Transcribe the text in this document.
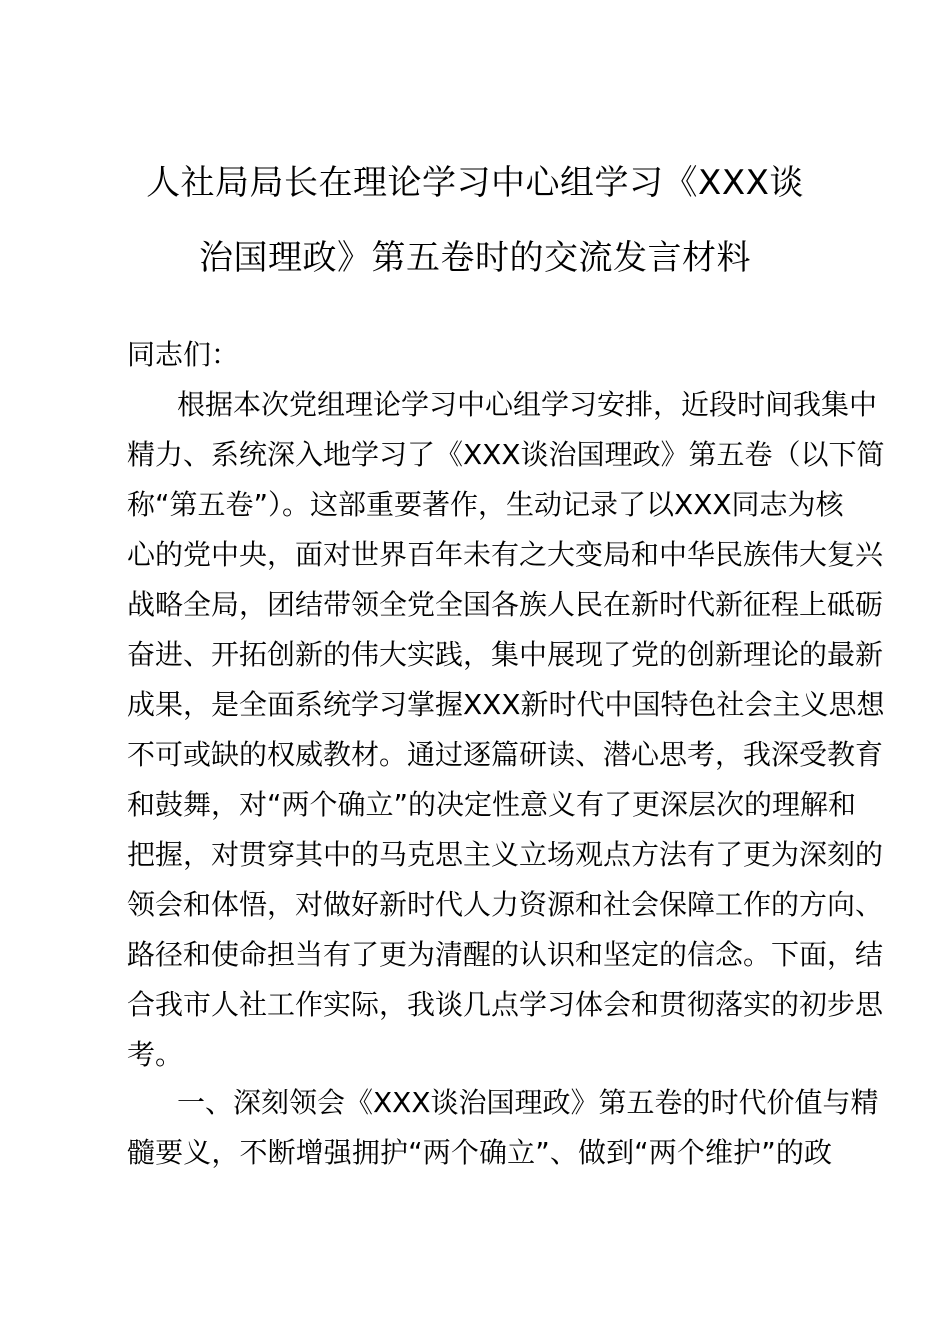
人社局局长在理论学习中心组学习《XXX谈
治国理政》第五卷时的交流发言材料
同志们：
根据本次党组理论学习中心组学习安排，近段时间我集中
精力、系统深入地学习了《XXX谈治国理政》第五卷（以下简
称“第五卷”）。这部重要著作，生动记录了以XXX同志为核
心的党中央，面对世界百年未有之大变局和中华民族伟大复兴
战略全局，团结带领全党全国各族人民在新时代新征程上砥砺
奋进、开拓创新的伟大实践，集中展现了党的创新理论的最新
成果，是全面系统学习掌握XXX新时代中国特色社会主义思想
不可或缺的权威教材。通过逐篇研读、潜心思考，我深受教育
和鼓舞，对“两个确立”的决定性意义有了更深层次的理解和
把握，对贯穿其中的马克思主义立场观点方法有了更为深刻的
领会和体悟，对做好新时代人力资源和社会保障工作的方向、
路径和使命担当有了更为清醒的认识和坚定的信念。下面，结
合我市人社工作实际，我谈几点学习体会和贯彻落实的初步思
考。
一、深刻领会《XXX谈治国理政》第五卷的时代价值与精
髓要义，不断增强拥护“两个确立”、做到“两个维护”的政
